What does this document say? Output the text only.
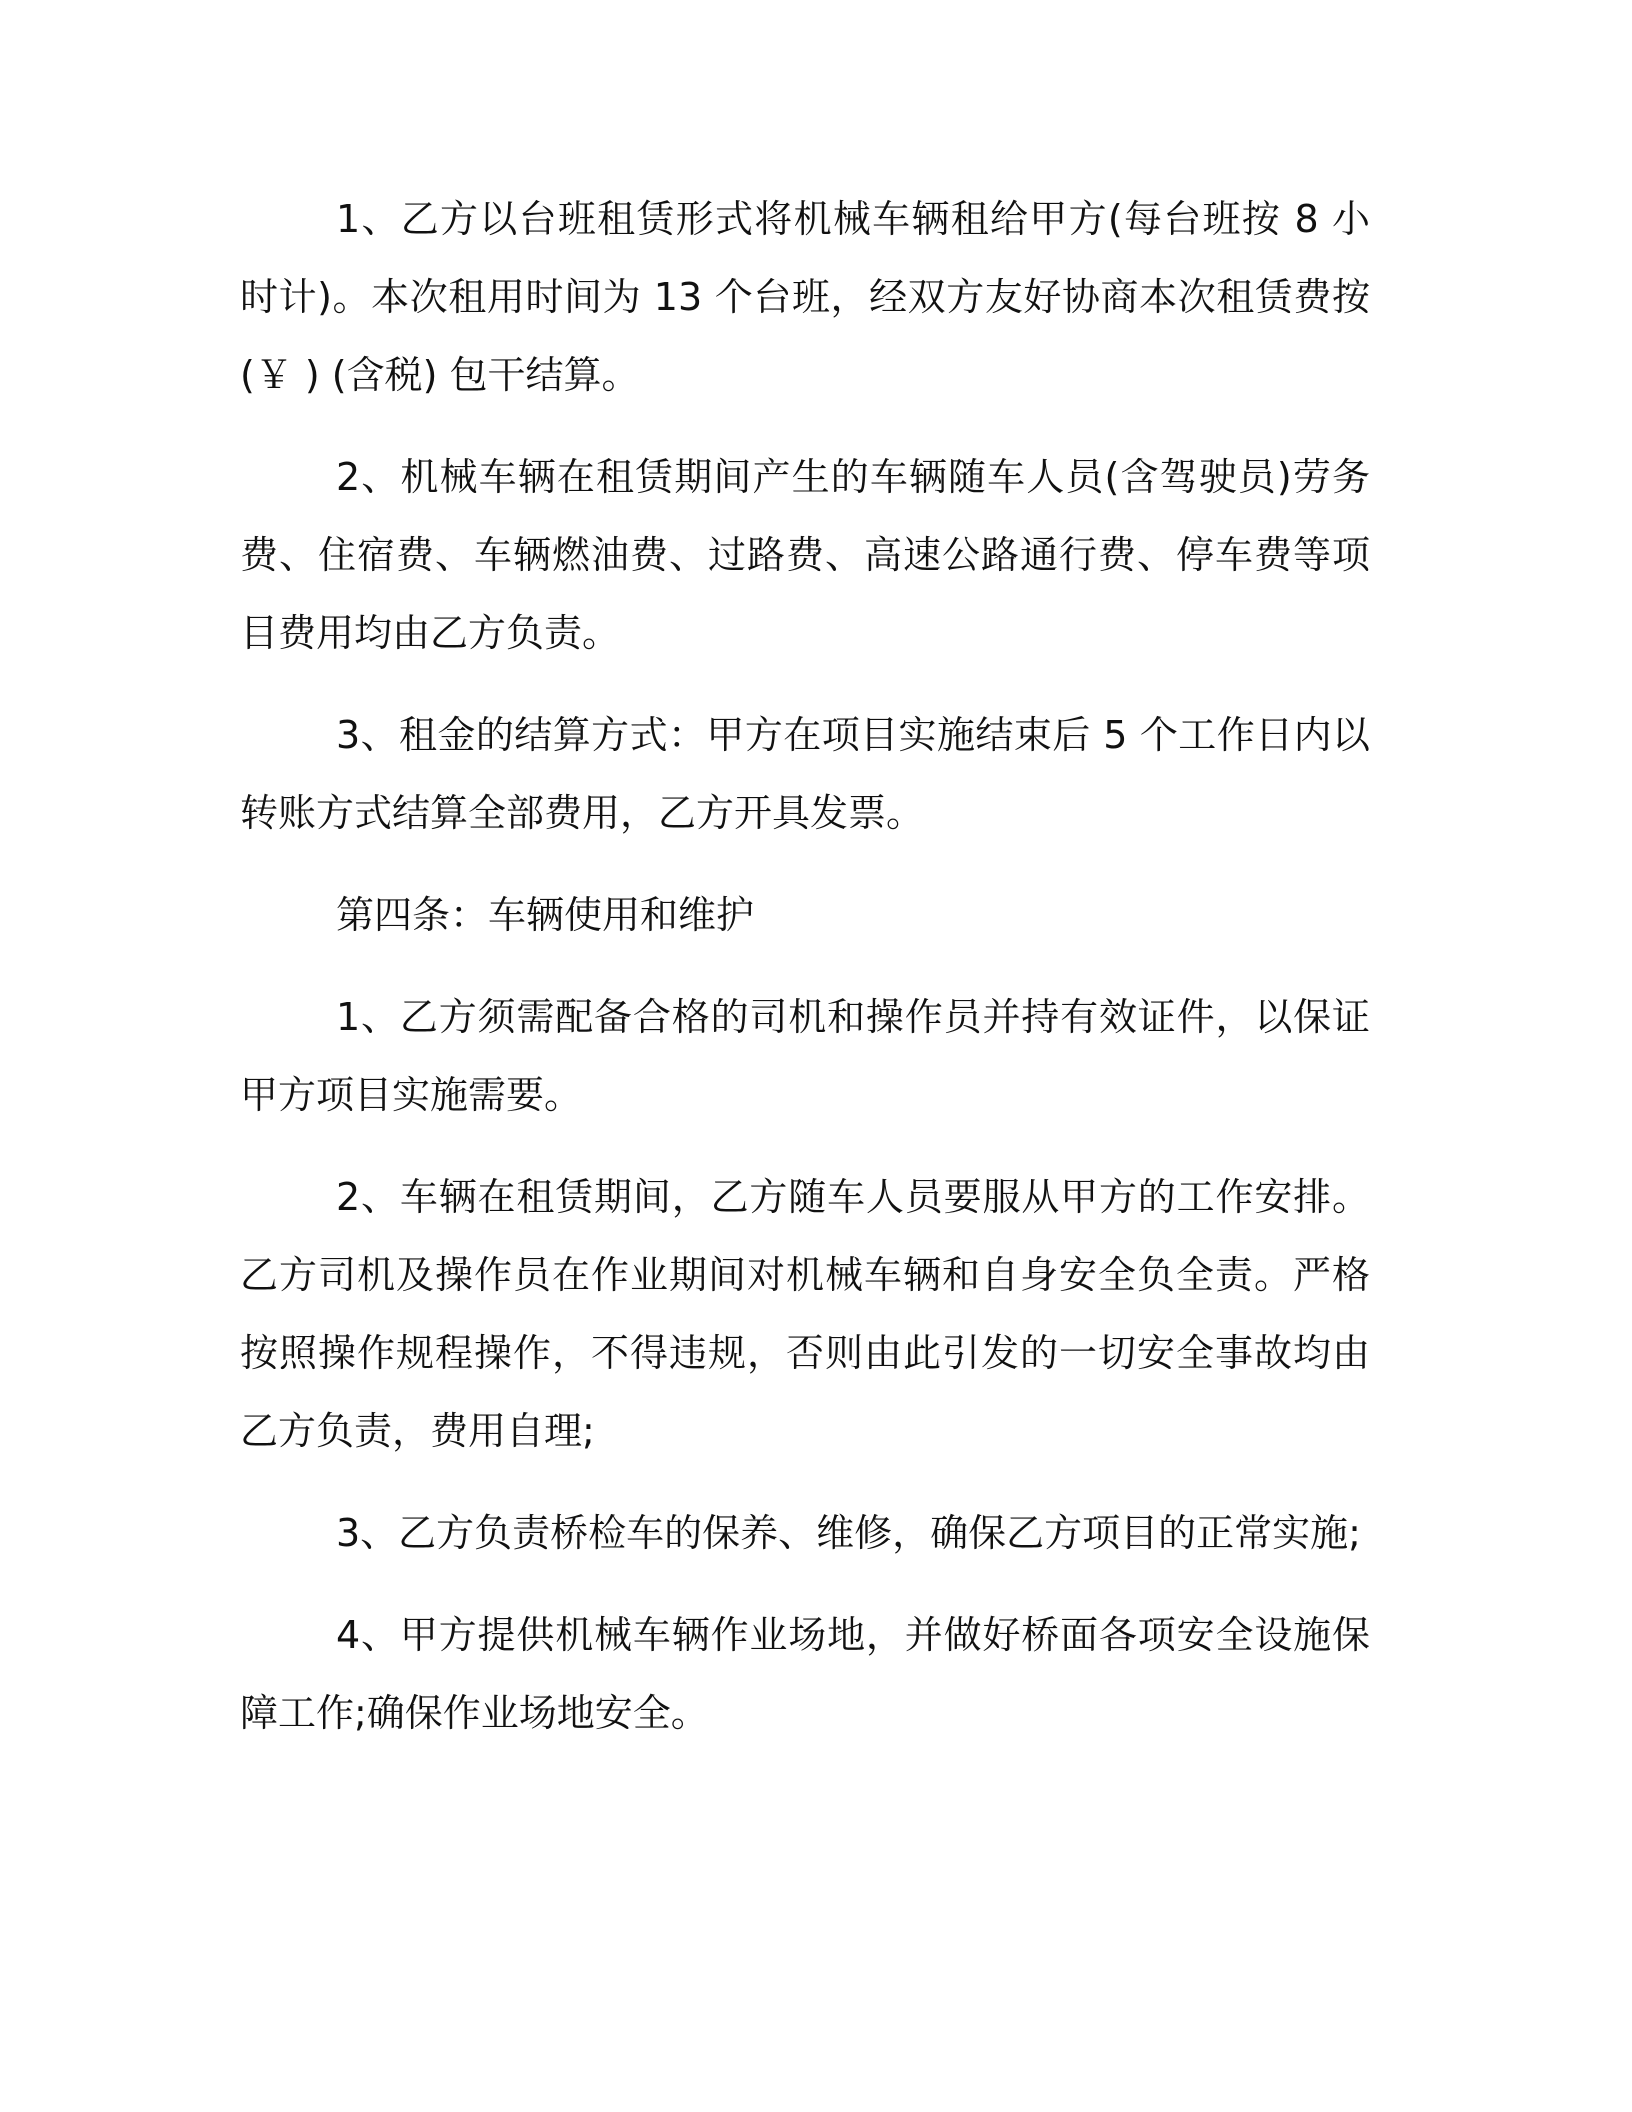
1、乙方以台班租赁形式将机械车辆租给甲方(每台班按 8 小时计)。本次租用时间为 13 个台班，经双方友好协商本次租赁费按 (￥ ) (含税) 包干结算。

2、机械车辆在租赁期间产生的车辆随车人员(含驾驶员)劳务费、住宿费、车辆燃油费、过路费、高速公路通行费、停车费等项目费用均由乙方负责。

3、租金的结算方式：甲方在项目实施结束后 5 个工作日内以转账方式结算全部费用，乙方开具发票。

第四条：车辆使用和维护

1、乙方须需配备合格的司机和操作员并持有效证件，以保证甲方项目实施需要。

2、车辆在租赁期间，乙方随车人员要服从甲方的工作安排。乙方司机及操作员在作业期间对机械车辆和自身安全负全责。严格按照操作规程操作，不得违规，否则由此引发的一切安全事故均由乙方负责，费用自理;

3、乙方负责桥检车的保养、维修，确保乙方项目的正常实施;

4、甲方提供机械车辆作业场地，并做好桥面各项安全设施保障工作;确保作业场地安全。
